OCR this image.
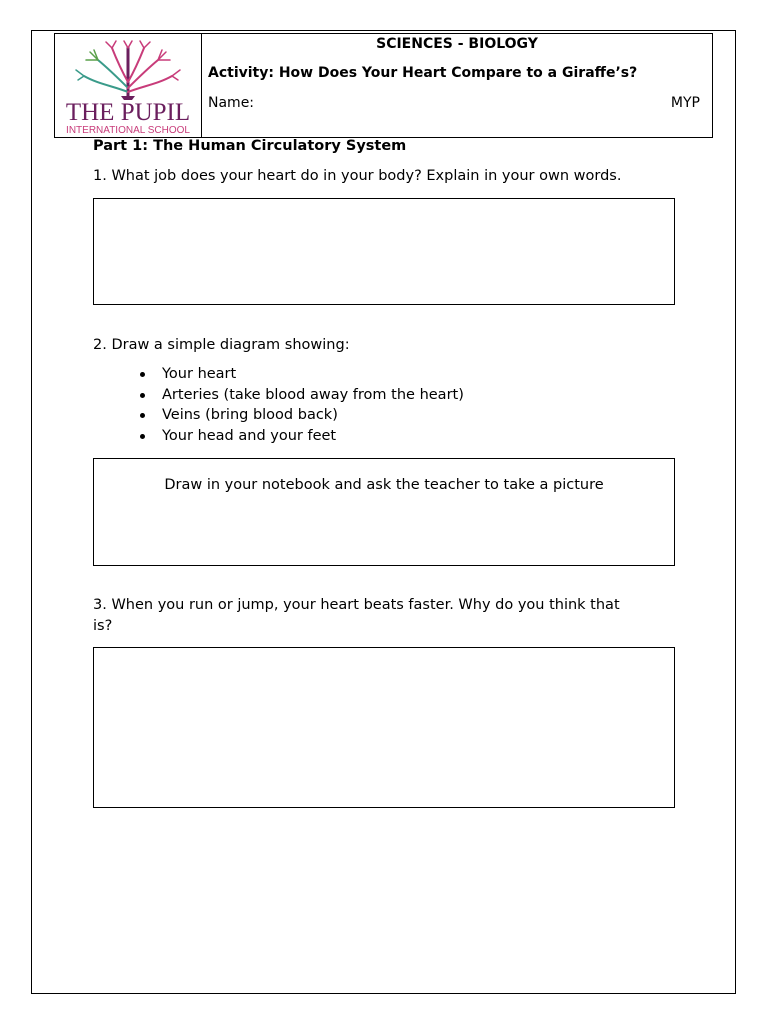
THE PUPIL
INTERNATIONAL SCHOOL
SCIENCES - BIOLOGY
Activity: How Does Your Heart Compare to a Giraffe’s?
Name:	MYP
Part 1: The Human Circulatory System
1. What job does your heart do in your body? Explain in your own words.
2. Draw a simple diagram showing:
Your heart
Arteries (take blood away from the heart)
Veins (bring blood back)
Your head and your feet
Draw in your notebook and ask the teacher to take a picture
3. When you run or jump, your heart beats faster. Why do you think that
is?
